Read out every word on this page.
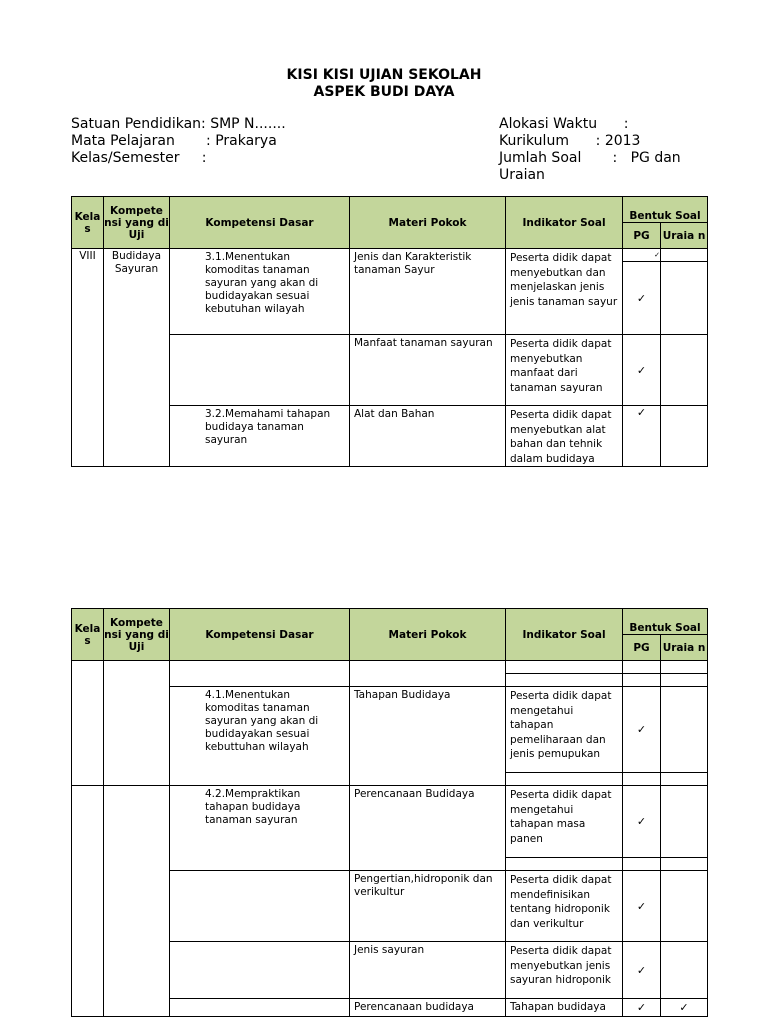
KISI KISI UJIAN SEKOLAH
ASPEK BUDI DAYA
Satuan Pendidikan: SMP N.......
Mata Pelajaran       : Prakarya
Kelas/Semester     :
Alokasi Waktu      :
Kurikulum      : 2013
Jumlah Soal       :   PG dan
Uraian
Kela s	Kompete nsi yang di Uji	Kompetensi Dasar	Materi Pokok	Indikator Soal	Bentuk Soal	
					PG	Uraia n
VIII	Budidaya Sayuran	3.1.Menentukan komoditas tanaman sayuran yang akan di budidayakan sesuai kebutuhan wilayah	Jenis dan Karakteristik tanaman Sayur	Peserta didik dapat menyebutkan dan menjelaskan jenis jenis tanaman sayur	✓	
					✓	
			Manfaat tanaman sayuran	Peserta didik dapat menyebutkan manfaat dari tanaman sayuran	✓	
		3.2.Memahami tahapan budidaya tanaman sayuran	Alat dan Bahan	Peserta didik dapat menyebutkan alat bahan dan tehnik dalam budidaya	✓	
Kela s	Kompete nsi yang di Uji	Kompetensi Dasar	Materi Pokok	Indikator Soal	Bentuk Soal	
					PG	Uraia n

		4.1.Menentukan komoditas tanaman sayuran yang akan di budidayakan sesuai kebuttuhan wilayah	Tahapan Budidaya	Peserta didik dapat mengetahui tahapan pemeliharaan dan jenis pemupukan	✓	

		4.2.Mempraktikan tahapan budidaya tanaman sayuran	Perencanaan Budidaya	Peserta didik dapat mengetahui tahapan masa panen	✓	

			Pengertian,hidroponik dan verikultur	Peserta didik dapat mendefinisikan tentang hidroponik dan verikultur	✓	
			Jenis sayuran	Peserta didik dapat menyebutkan jenis sayuran hidroponik	✓	
			Perencanaan budidaya	Tahapan budidaya	✓	✓
